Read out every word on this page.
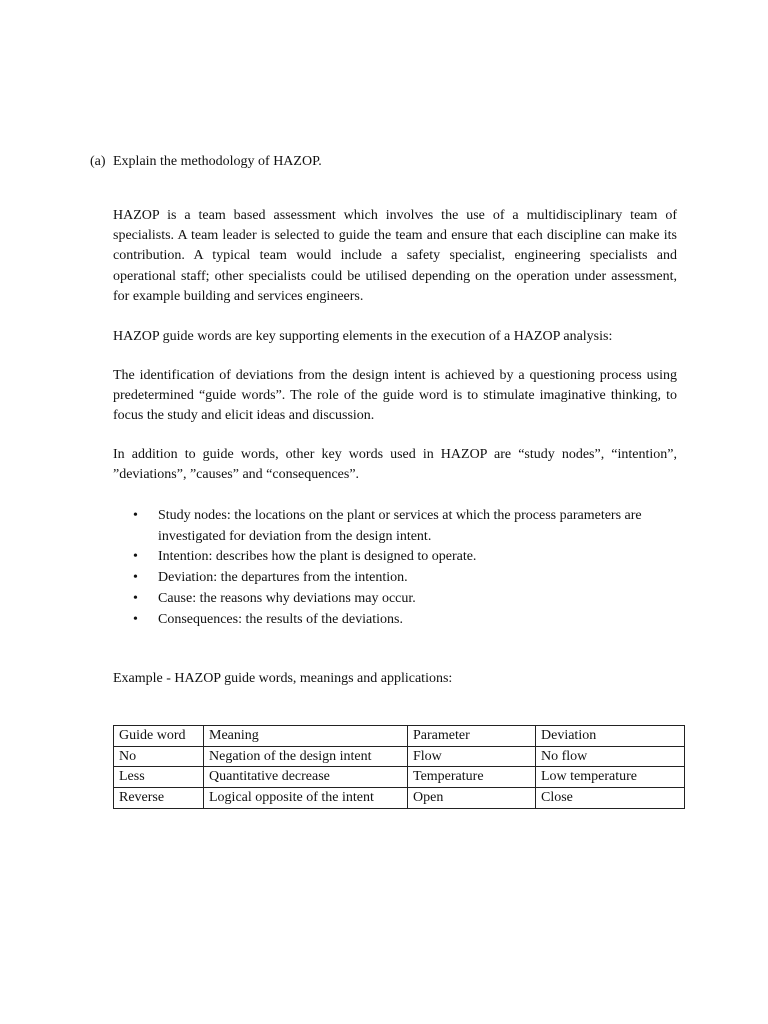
(a) Explain the methodology of HAZOP.

HAZOP is a team based assessment which involves the use of a multidisciplinary team of specialists. A team leader is selected to guide the team and ensure that each discipline can make its contribution. A typical team would include a safety specialist, engineering specialists and operational staff; other specialists could be utilised depending on the operation under assessment, for example building and services engineers.

HAZOP guide words are key supporting elements in the execution of a HAZOP analysis:

The identification of deviations from the design intent is achieved by a questioning process using predetermined “guide words”. The role of the guide word is to stimulate imaginative thinking, to focus the study and elicit ideas and discussion.

In addition to guide words, other key words used in HAZOP are “study nodes”, “intention”, ”deviations”, ”causes” and “consequences”.

• Study nodes: the locations on the plant or services at which the process parameters are investigated for deviation from the design intent.
• Intention: describes how the plant is designed to operate.
• Deviation: the departures from the intention.
• Cause: the reasons why deviations may occur.
• Consequences: the results of the deviations.
Example - HAZOP guide words, meanings and applications:
Guide word	Meaning	Parameter	Deviation
No	Negation of the design intent	Flow	No flow
Less	Quantitative decrease	Temperature	Low temperature
Reverse	Logical opposite of the intent	Open	Close
